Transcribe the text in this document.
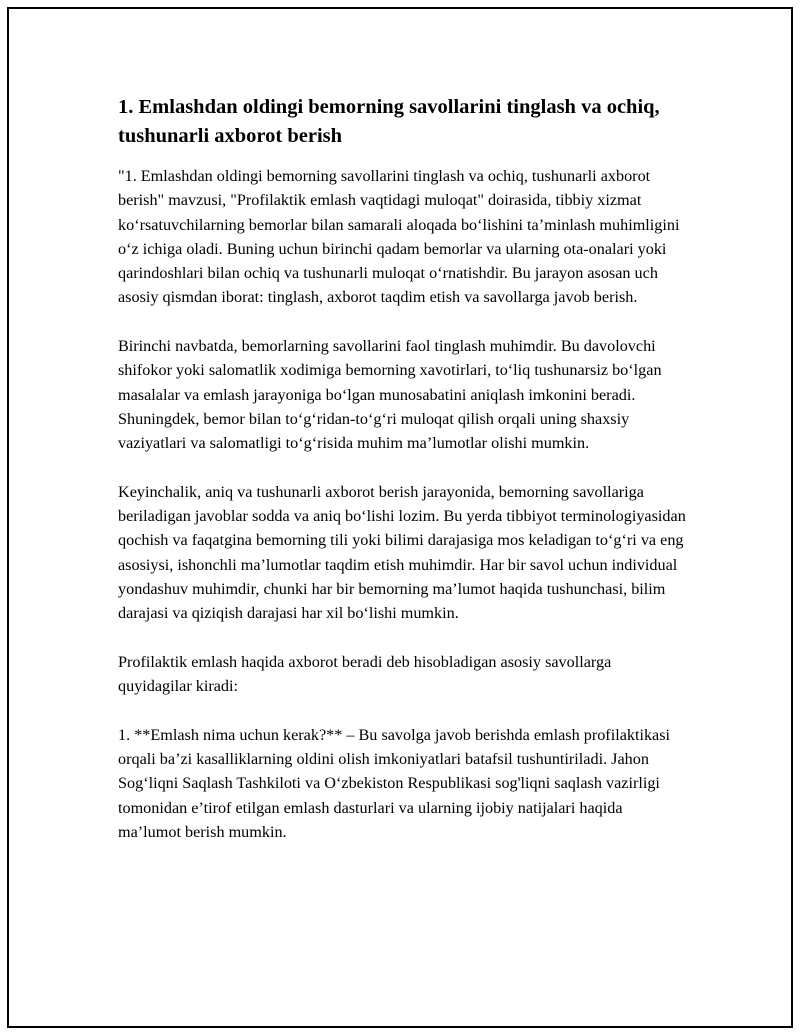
1. Emlashdan oldingi bemorning savollarini tinglash va ochiq, tushunarli axborot berish

"1. Emlashdan oldingi bemorning savollarini tinglash va ochiq, tushunarli axborot berish" mavzusi, "Profilaktik emlash vaqtidagi muloqat" doirasida, tibbiy xizmat ko‘rsatuvchilarning bemorlar bilan samarali aloqada bo‘lishini ta’minlash muhimligini o‘z ichiga oladi. Buning uchun birinchi qadam bemorlar va ularning ota-onalari yoki qarindoshlari bilan ochiq va tushunarli muloqat o‘rnatishdir. Bu jarayon asosan uch asosiy qismdan iborat: tinglash, axborot taqdim etish va savollarga javob berish.

Birinchi navbatda, bemorlarning savollarini faol tinglash muhimdir. Bu davolovchi shifokor yoki salomatlik xodimiga bemorning xavotirlari, to‘liq tushunarsiz bo‘lgan masalalar va emlash jarayoniga bo‘lgan munosabatini aniqlash imkonini beradi. Shuningdek, bemor bilan to‘g‘ridan-to‘g‘ri muloqat qilish orqali uning shaxsiy vaziyatlari va salomatligi to‘g‘risida muhim ma’lumotlar olishi mumkin.

Keyinchalik, aniq va tushunarli axborot berish jarayonida, bemorning savollariga beriladigan javoblar sodda va aniq bo‘lishi lozim. Bu yerda tibbiyot terminologiyasidan qochish va faqatgina bemorning tili yoki bilimi darajasiga mos keladigan to‘g‘ri va eng asosiysi, ishonchli ma’lumotlar taqdim etish muhimdir. Har bir savol uchun individual yondashuv muhimdir, chunki har bir bemorning ma’lumot haqida tushunchasi, bilim darajasi va qiziqish darajasi har xil bo‘lishi mumkin.

Profilaktik emlash haqida axborot beradi deb hisobladigan asosiy savollarga quyidagilar kiradi:

1. **Emlash nima uchun kerak?** – Bu savolga javob berishda emlash profilaktikasi orqali ba’zi kasalliklarning oldini olish imkoniyatlari batafsil tushuntiriladi. Jahon Sog‘liqni Saqlash Tashkiloti va O‘zbekiston Respublikasi sog'liqni saqlash vazirligi tomonidan e’tirof etilgan emlash dasturlari va ularning ijobiy natijalari haqida ma’lumot berish mumkin.
